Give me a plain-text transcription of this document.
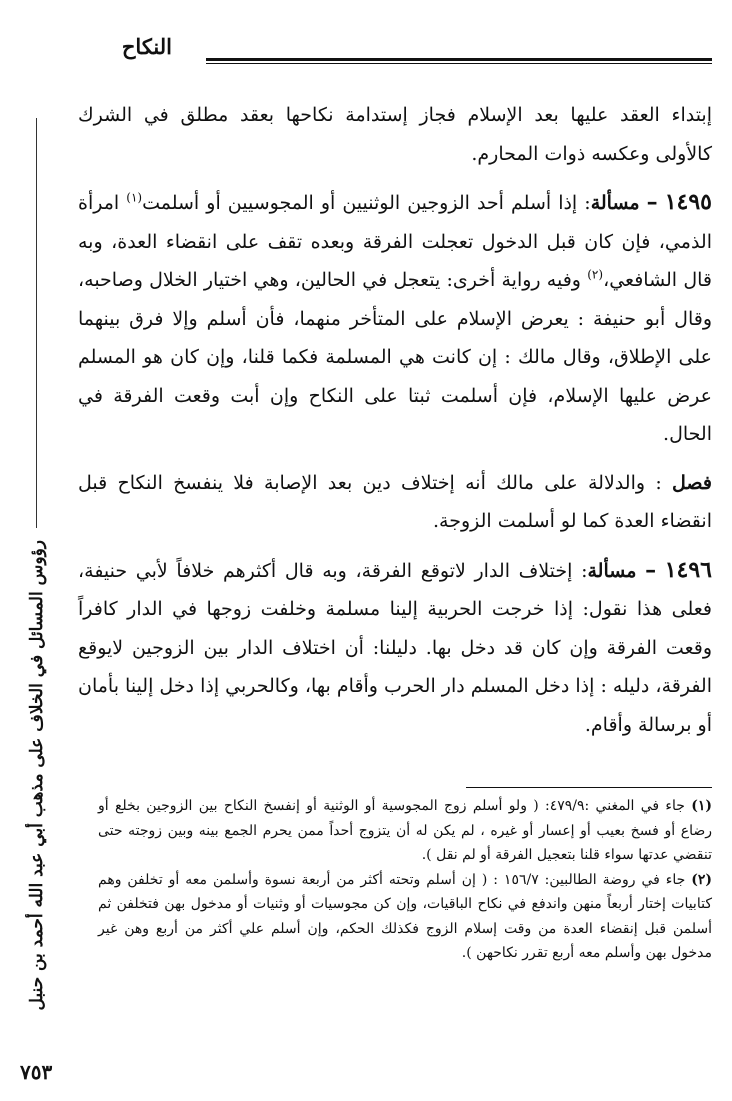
النكاح
رؤوس المسائل في الخلاف على مذهب أبي عبد الله أحمد بن حنبل

إبتداء العقد عليها بعد الإسلام فجاز إستدامة نكاحها بعقد مطلق في الشرك كالأولى وعكسه ذوات المحارم.

١٤٩٥ – مسألة: إذا أسلم أحد الزوجين الوثنيين أو المجوسيين أو أسلمت$^{(١)}$ امرأة الذمي، فإن كان قبل الدخول تعجلت الفرقة وبعده تقف على انقضاء العدة، وبه قال الشافعي،$^{(٢)}$ وفيه رواية أخرى: يتعجل في الحالين، وهي اختيار الخلال وصاحبه، وقال أبو حنيفة : يعرض الإسلام على المتأخر منهما، فأن أسلم وإلا فرق بينهما على الإطلاق، وقال مالك : إن كانت هي المسلمة فكما قلنا، وإن كان هو المسلم عرض عليها الإسلام، فإن أسلمت ثبتا على النكاح وإن أبت وقعت الفرقة في الحال.

فصل : والدلالة على مالك أنه إختلاف دين بعد الإصابة فلا ينفسخ النكاح قبل انقضاء العدة كما لو أسلمت الزوجة.

١٤٩٦ – مسألة: إختلاف الدار لاتوقع الفرقة، وبه قال أكثرهم خلافاً لأبي حنيفة، فعلى هذا نقول: إذا خرجت الحربية إلينا مسلمة وخلفت زوجها في الدار كافراً وقعت الفرقة وإن كان قد دخل بها. دليلنا: أن اختلاف الدار بين الزوجين لايوقع الفرقة، دليله : إذا دخل المسلم دار الحرب وأقام بها، وكالحربي إذا دخل إلينا بأمان أو برسالة وأقام.

(١) جاء في المغني :٤٧٩/٩: ( ولو أسلم زوج المجوسية أو الوثنية أو إنفسخ النكاح بين الزوجين بخلع أو رضاع أو فسخ بعيب أو إعسار أو غيره ، لم يكن له أن يتزوج أحداً ممن يحرم الجمع بينه وبين زوجته حتى تنقضي عدتها سواء قلنا بتعجيل الفرقة أو لم نقل ).

(٢) جاء في روضة الطالبين: ١٥٦/٧ : ( إن أسلم وتحته أكثر من أربعة نسوة وأسلمن معه أو تخلفن وهم كتابيات إختار أربعاً منهن واندفع في نكاح الباقيات، وإن كن مجوسيات أو وثنيات أو مدخول بهن فتخلفن ثم أسلمن قبل إنقضاء العدة من وقت إسلام الزوج فكذلك الحكم، وإن أسلم علي أكثر من أربع وهن غير مدخول بهن وأسلم معه أربع تقرر نكاحهن ).

٧٥٣
